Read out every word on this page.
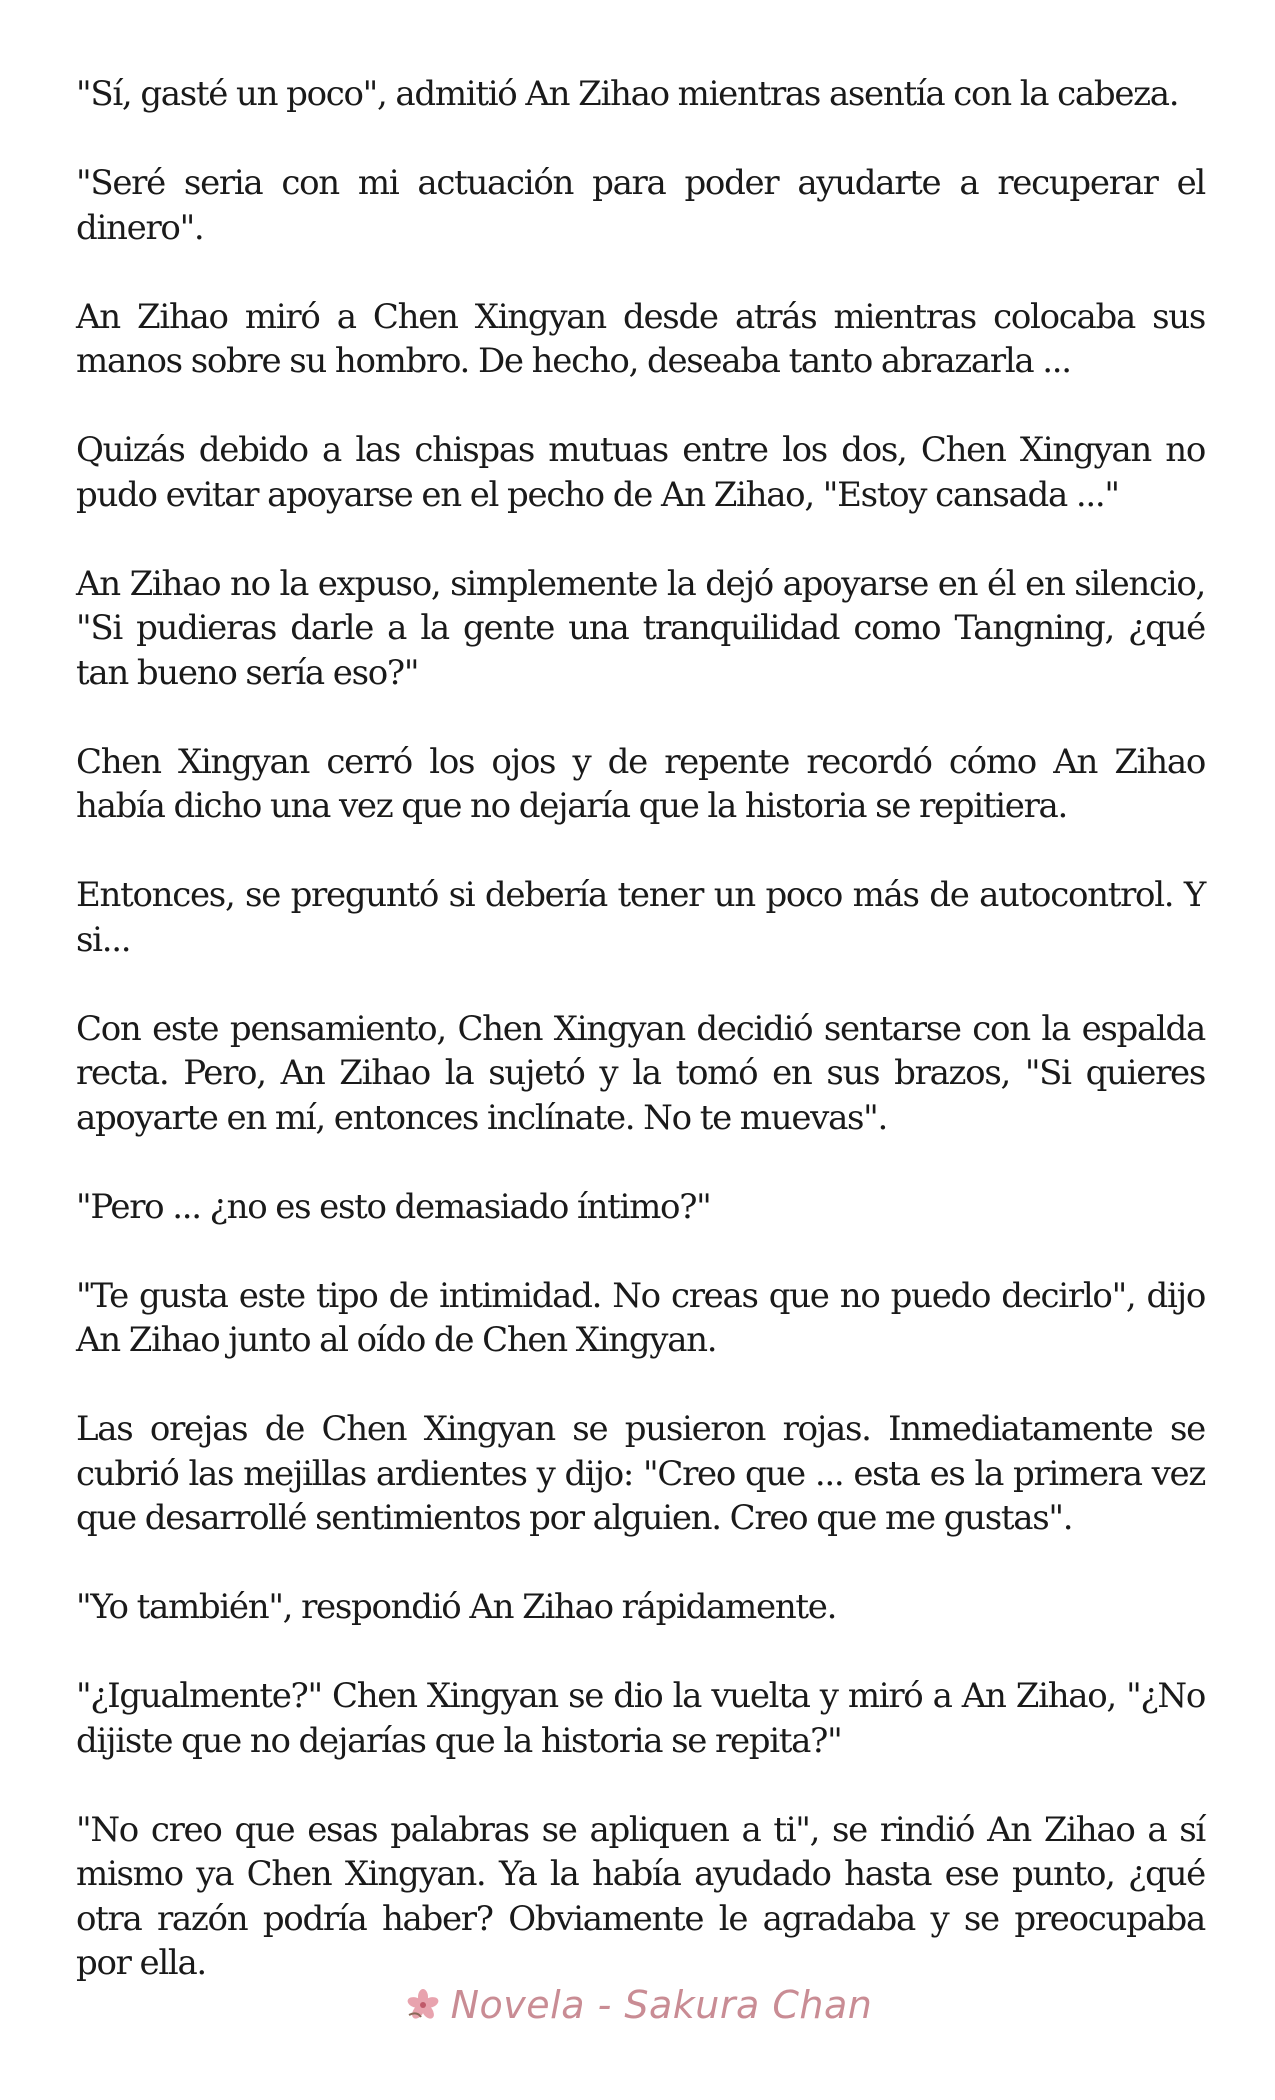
"Sí, gasté un poco", admitió An Zihao mientras asentía con la cabeza.

"Seré seria con mi actuación para poder ayudarte a recuperar el dinero".

An Zihao miró a Chen Xingyan desde atrás mientras colocaba sus manos sobre su hombro. De hecho, deseaba tanto abrazarla ...

Quizás debido a las chispas mutuas entre los dos, Chen Xingyan no pudo evitar apoyarse en el pecho de An Zihao, "Estoy cansada ..."

An Zihao no la expuso, simplemente la dejó apoyarse en él en silencio, "Si pudieras darle a la gente una tranquilidad como Tangning, ¿qué tan bueno sería eso?"

Chen Xingyan cerró los ojos y de repente recordó cómo An Zihao había dicho una vez que no dejaría que la historia se repitiera.

Entonces, se preguntó si debería tener un poco más de autocontrol. Y si...

Con este pensamiento, Chen Xingyan decidió sentarse con la espalda recta. Pero, An Zihao la sujetó y la tomó en sus brazos, "Si quieres apoyarte en mí, entonces inclínate. No te muevas".

"Pero ... ¿no es esto demasiado íntimo?"

"Te gusta este tipo de intimidad. No creas que no puedo decirlo", dijo An Zihao junto al oído de Chen Xingyan.

Las orejas de Chen Xingyan se pusieron rojas. Inmediatamente se cubrió las mejillas ardientes y dijo: "Creo que ... esta es la primera vez que desarrollé sentimientos por alguien. Creo que me gustas".

"Yo también", respondió An Zihao rápidamente.

"¿Igualmente?" Chen Xingyan se dio la vuelta y miró a An Zihao, "¿No dijiste que no dejarías que la historia se repita?"

"No creo que esas palabras se apliquen a ti", se rindió An Zihao a sí mismo ya Chen Xingyan. Ya la había ayudado hasta ese punto, ¿qué otra razón podría haber? Obviamente le agradaba y se preocupaba por ella.

Novela - Sakura Chan
